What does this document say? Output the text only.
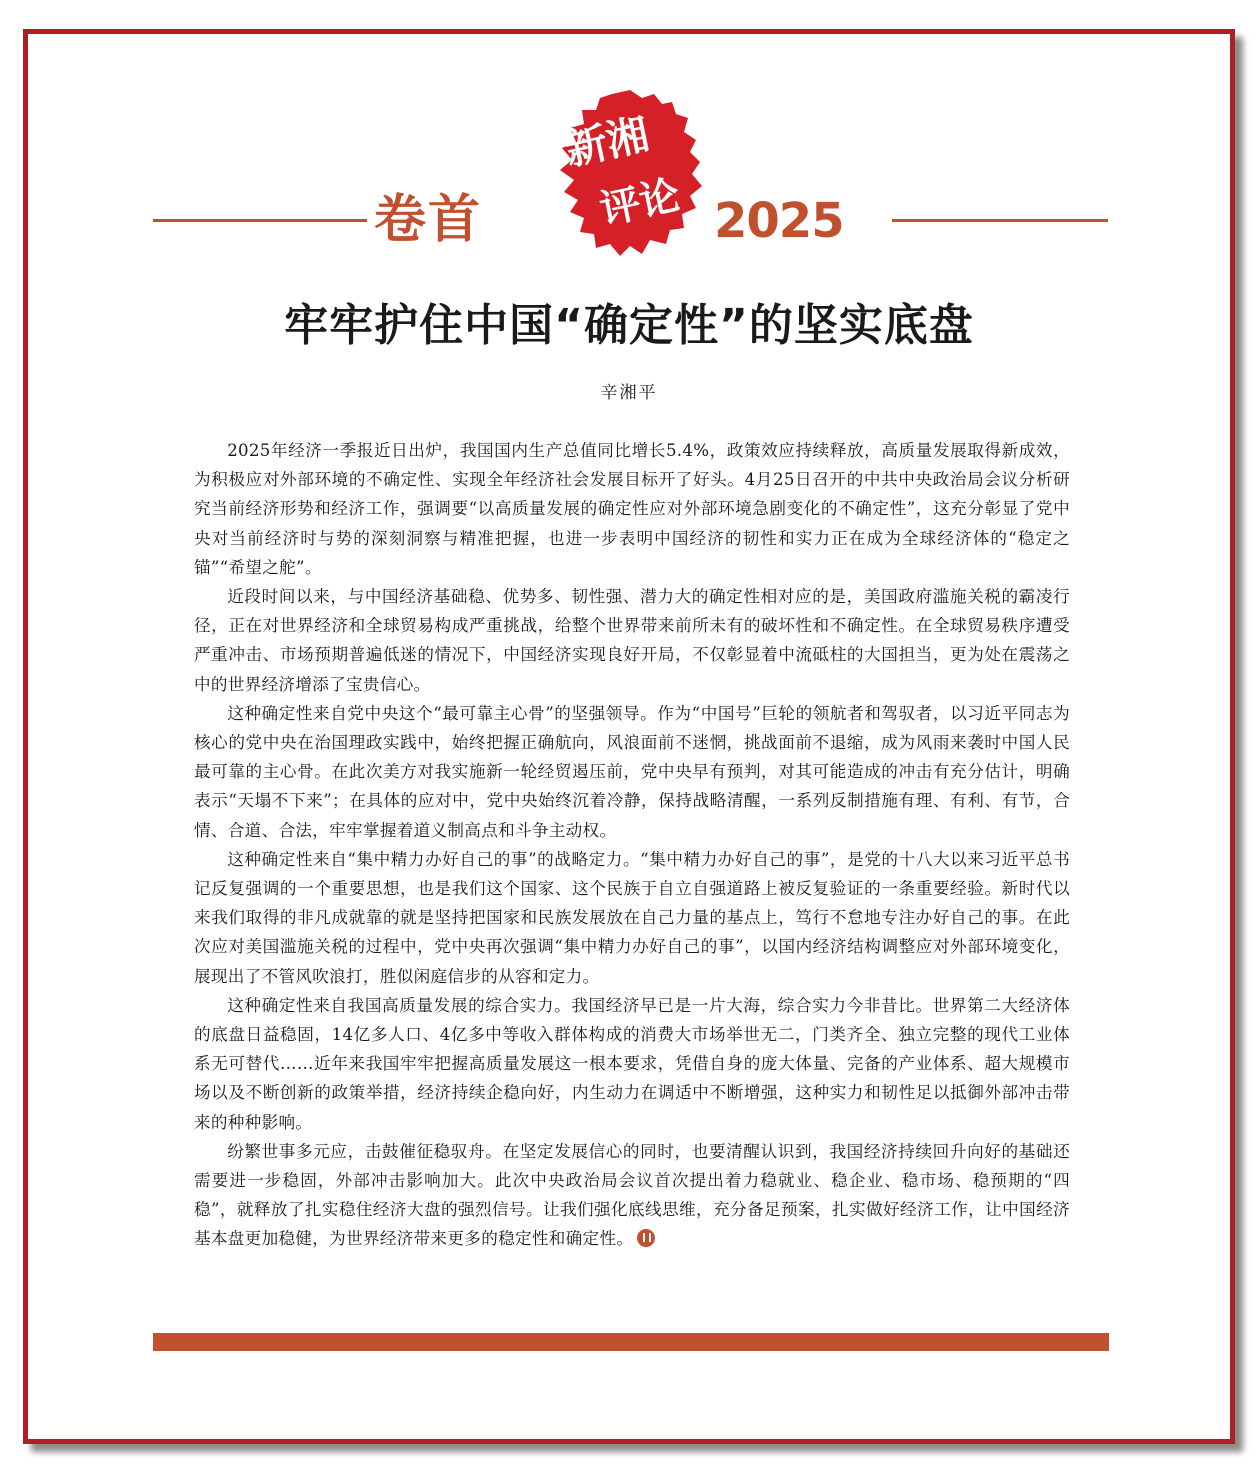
卷首
新湘
评论 2025
牢牢护住中国“确定性”的坚实底盘
辛湘平

2025年经济一季报近日出炉，我国国内生产总值同比增长5.4%，政策效应持续释放，高质量发展取得新成效，为积极应对外部环境的不确定性、实现全年经济社会发展目标开了好头。4月25日召开的中共中央政治局会议分析研究当前经济形势和经济工作，强调要“以高质量发展的确定性应对外部环境急剧变化的不确定性”，这充分彰显了党中央对当前经济时与势的深刻洞察与精准把握，也进一步表明中国经济的韧性和实力正在成为全球经济体的“稳定之锚”“希望之舵”。

近段时间以来，与中国经济基础稳、优势多、韧性强、潜力大的确定性相对应的是，美国政府滥施关税的霸凌行径，正在对世界经济和全球贸易构成严重挑战，给整个世界带来前所未有的破坏性和不确定性。在全球贸易秩序遭受严重冲击、市场预期普遍低迷的情况下，中国经济实现良好开局，不仅彰显着中流砥柱的大国担当，更为处在震荡之中的世界经济增添了宝贵信心。

这种确定性来自党中央这个“最可靠主心骨”的坚强领导。作为“中国号”巨轮的领航者和驾驭者，以习近平同志为核心的党中央在治国理政实践中，始终把握正确航向，风浪面前不迷惘，挑战面前不退缩，成为风雨来袭时中国人民最可靠的主心骨。在此次美方对我实施新一轮经贸遏压前，党中央早有预判，对其可能造成的冲击有充分估计，明确表示“天塌不下来”；在具体的应对中，党中央始终沉着冷静，保持战略清醒，一系列反制措施有理、有利、有节，合情、合道、合法，牢牢掌握着道义制高点和斗争主动权。

这种确定性来自“集中精力办好自己的事”的战略定力。“集中精力办好自己的事”，是党的十八大以来习近平总书记反复强调的一个重要思想，也是我们这个国家、这个民族于自立自强道路上被反复验证的一条重要经验。新时代以来我们取得的非凡成就靠的就是坚持把国家和民族发展放在自己力量的基点上，笃行不怠地专注办好自己的事。在此次应对美国滥施关税的过程中，党中央再次强调“集中精力办好自己的事”，以国内经济结构调整应对外部环境变化，展现出了不管风吹浪打，胜似闲庭信步的从容和定力。

这种确定性来自我国高质量发展的综合实力。我国经济早已是一片大海，综合实力今非昔比。世界第二大经济体的底盘日益稳固，14亿多人口、4亿多中等收入群体构成的消费大市场举世无二，门类齐全、独立完整的现代工业体系无可替代……近年来我国牢牢把握高质量发展这一根本要求，凭借自身的庞大体量、完备的产业体系、超大规模市场以及不断创新的政策举措，经济持续企稳向好，内生动力在调适中不断增强，这种实力和韧性足以抵御外部冲击带来的种种影响。

纷繁世事多元应，击鼓催征稳驭舟。在坚定发展信心的同时，也要清醒认识到，我国经济持续回升向好的基础还需要进一步稳固，外部冲击影响加大。此次中央政治局会议首次提出着力稳就业、稳企业、稳市场、稳预期的“四稳”，就释放了扎实稳住经济大盘的强烈信号。让我们强化底线思维，充分备足预案，扎实做好经济工作，让中国经济基本盘更加稳健，为世界经济带来更多的稳定性和确定性。
